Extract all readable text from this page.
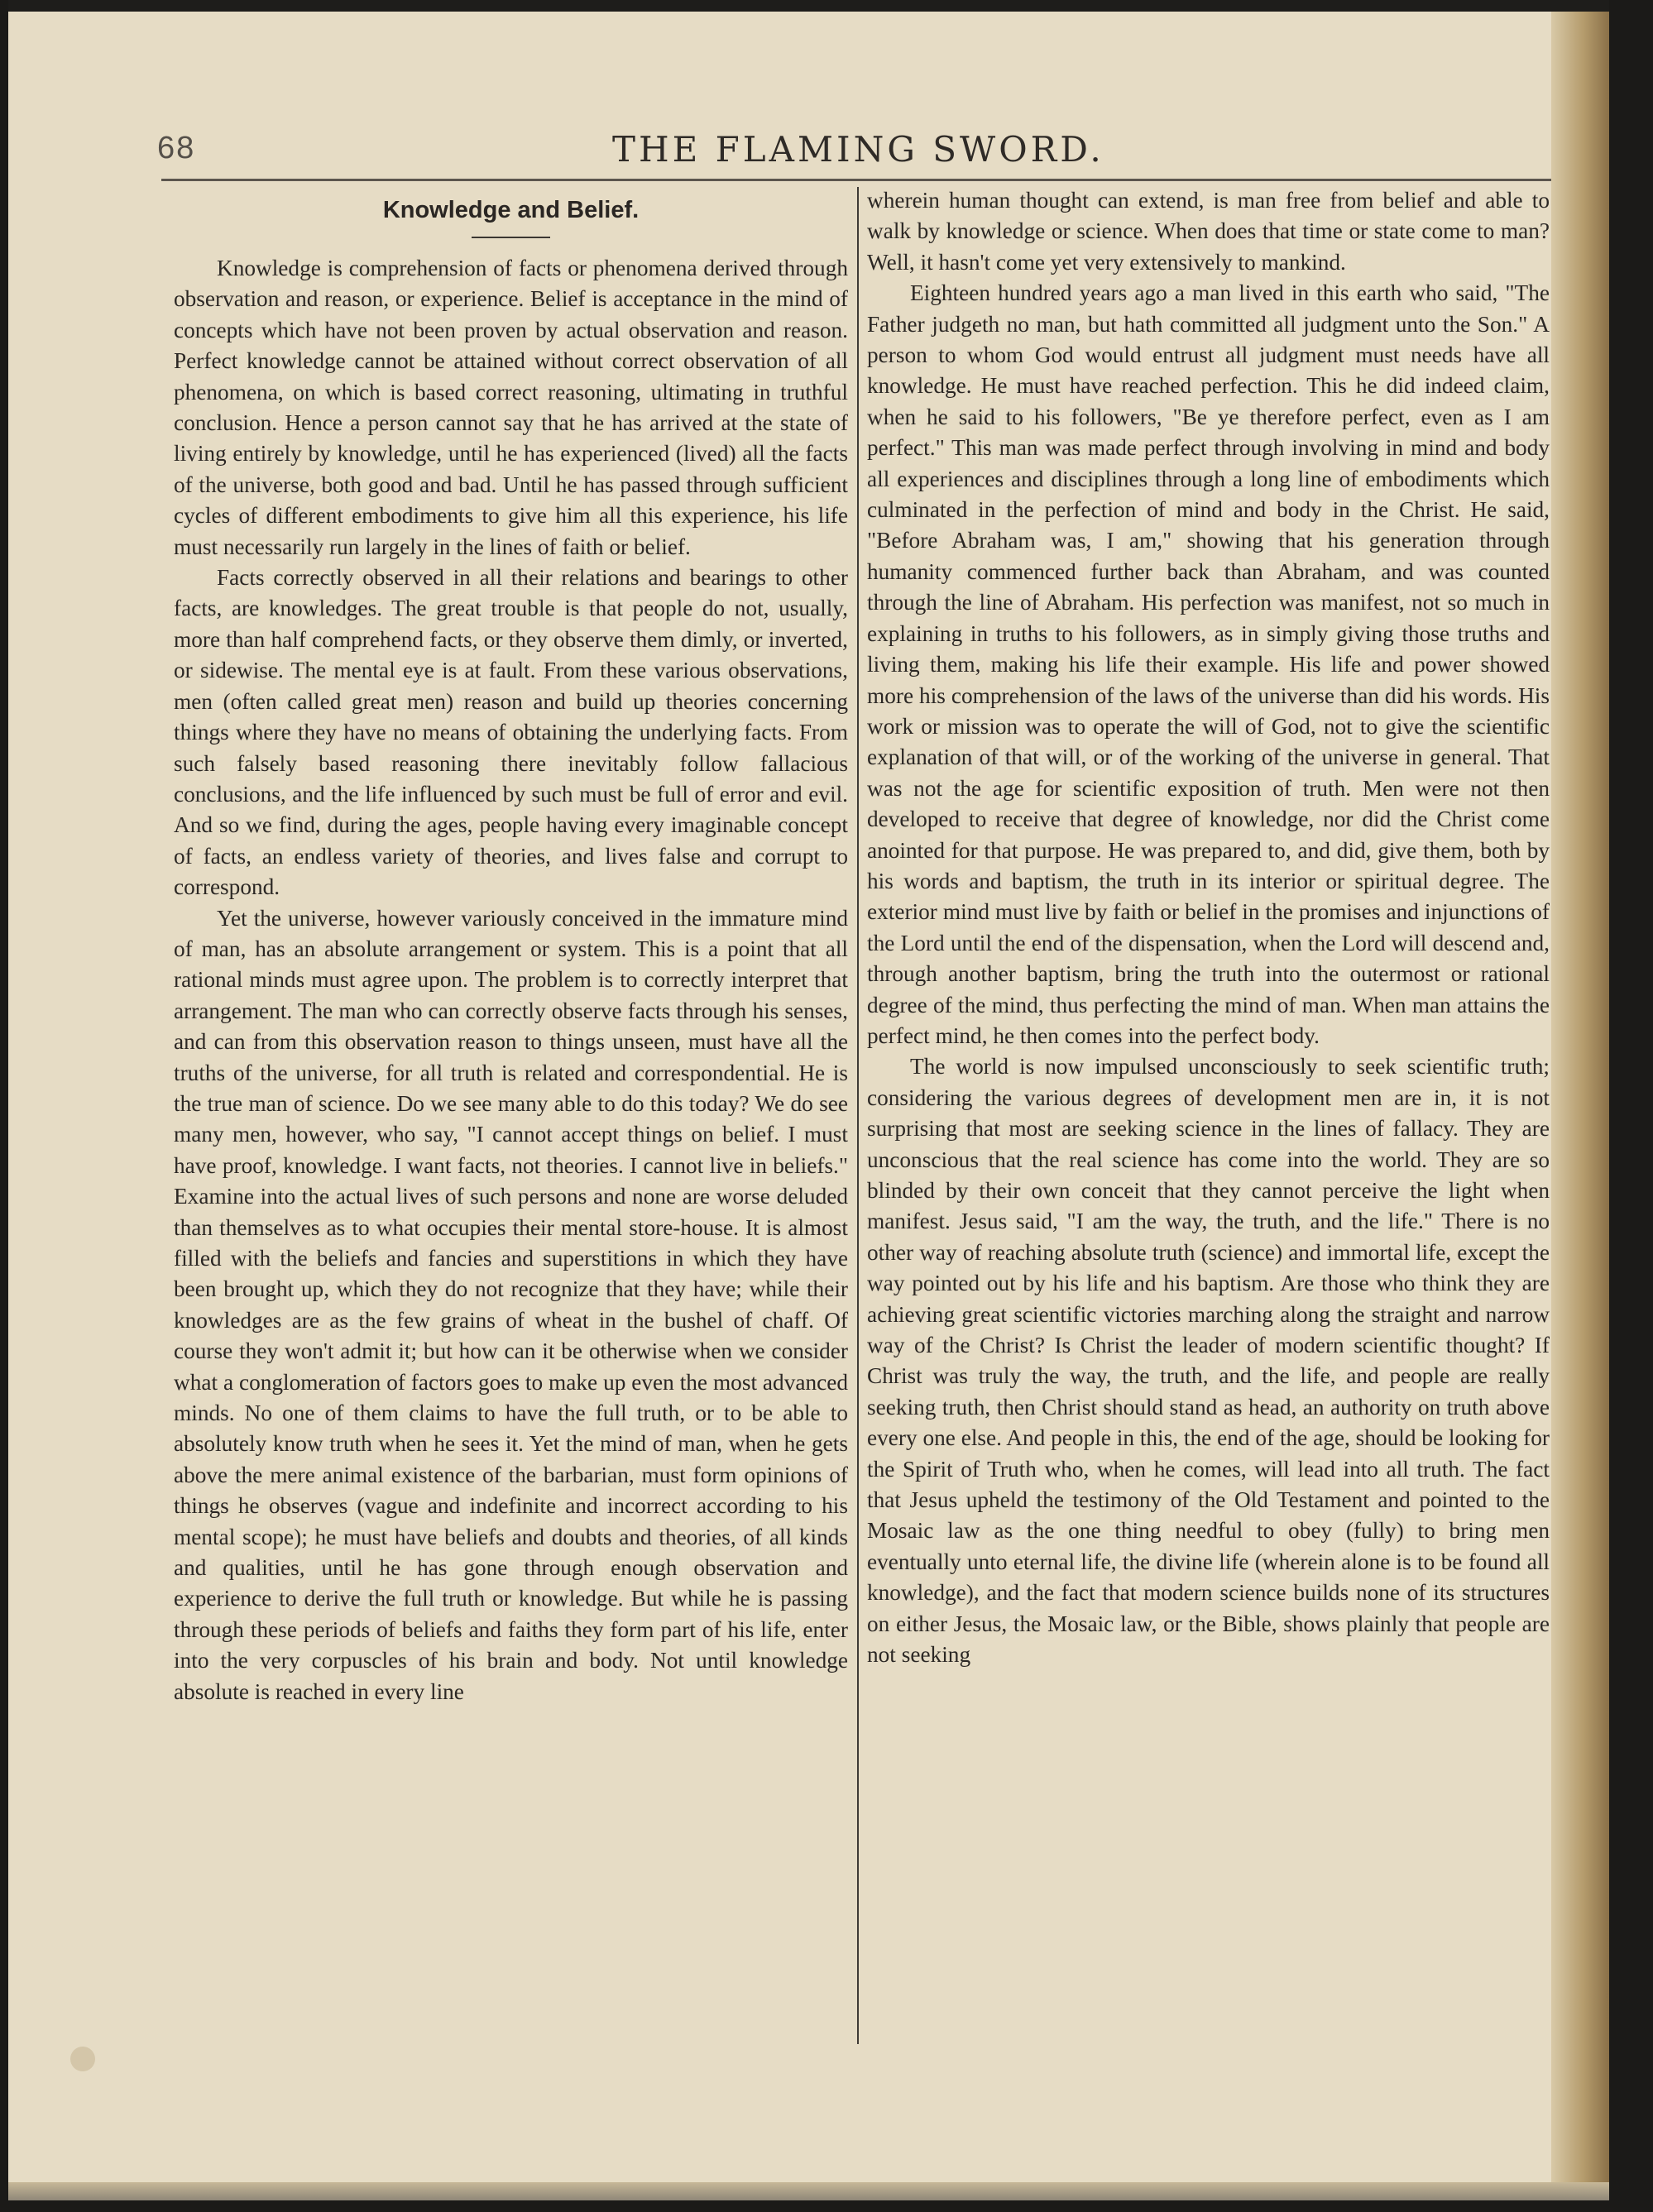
68	THE FLAMING SWORD.
Knowledge and Belief.

Knowledge is comprehension of facts or phenomena derived through observation and reason, or experience. Belief is acceptance in the mind of concepts which have not been proven by actual observation and reason. Perfect knowledge cannot be attained without correct observation of all phenomena, on which is based correct reasoning, ultimating in truthful conclusion. Hence a person cannot say that he has arrived at the state of living entirely by knowledge, until he has experienced (lived) all the facts of the universe, both good and bad. Until he has passed through sufficient cycles of different embodiments to give him all this experience, his life must necessarily run largely in the lines of faith or belief.

Facts correctly observed in all their relations and bearings to other facts, are knowledges. The great trouble is that people do not, usually, more than half comprehend facts, or they observe them dimly, or inverted, or sidewise. The mental eye is at fault. From these various observations, men (often called great men) reason and build up theories concerning things where they have no means of obtaining the underlying facts. From such falsely based reasoning there inevitably follow fallacious conclusions, and the life influenced by such must be full of error and evil. And so we find, during the ages, people having every imaginable concept of facts, an endless variety of theories, and lives false and corrupt to correspond.

Yet the universe, however variously conceived in the immature mind of man, has an absolute arrangement or system. This is a point that all rational minds must agree upon. The problem is to correctly interpret that arrangement. The man who can correctly observe facts through his senses, and can from this observation reason to things unseen, must have all the truths of the universe, for all truth is related and correspondential. He is the true man of science. Do we see many able to do this today? We do see many men, however, who say, "I cannot accept things on belief. I must have proof, knowledge. I want facts, not theories. I cannot live in beliefs." Examine into the actual lives of such persons and none are worse deluded than themselves as to what occupies their mental store-house. It is almost filled with the beliefs and fancies and superstitions in which they have been brought up, which they do not recognize that they have; while their knowledges are as the few grains of wheat in the bushel of chaff. Of course they won't admit it; but how can it be otherwise when we consider what a conglomeration of factors goes to make up even the most advanced minds. No one of them claims to have the full truth, or to be able to absolutely know truth when he sees it. Yet the mind of man, when he gets above the mere animal existence of the barbarian, must form opinions of things he observes (vague and indefinite and incorrect according to his mental scope); he must have beliefs and doubts and theories, of all kinds and qualities, until he has gone through enough observation and experience to derive the full truth or knowledge. But while he is passing through these periods of beliefs and faiths they form part of his life, enter into the very corpuscles of his brain and body. Not until knowledge absolute is reached in every line

wherein human thought can extend, is man free from belief and able to walk by knowledge or science. When does that time or state come to man? Well, it hasn't come yet very extensively to mankind.

Eighteen hundred years ago a man lived in this earth who said, "The Father judgeth no man, but hath committed all judgment unto the Son." A person to whom God would entrust all judgment must needs have all knowledge. He must have reached perfection. This he did indeed claim, when he said to his followers, "Be ye therefore perfect, even as I am perfect." This man was made perfect through involving in mind and body all experiences and disciplines through a long line of embodiments which culminated in the perfection of mind and body in the Christ. He said, "Before Abraham was, I am," showing that his generation through humanity commenced further back than Abraham, and was counted through the line of Abraham. His perfection was manifest, not so much in explaining in truths to his followers, as in simply giving those truths and living them, making his life their example. His life and power showed more his comprehension of the laws of the universe than did his words. His work or mission was to operate the will of God, not to give the scientific explanation of that will, or of the working of the universe in general. That was not the age for scientific exposition of truth. Men were not then developed to receive that degree of knowledge, nor did the Christ come anointed for that purpose. He was prepared to, and did, give them, both by his words and baptism, the truth in its interior or spiritual degree. The exterior mind must live by faith or belief in the promises and injunctions of the Lord until the end of the dispensation, when the Lord will descend and, through another baptism, bring the truth into the outermost or rational degree of the mind, thus perfecting the mind of man. When man attains the perfect mind, he then comes into the perfect body.

The world is now impulsed unconsciously to seek scientific truth; considering the various degrees of development men are in, it is not surprising that most are seeking science in the lines of fallacy. They are unconscious that the real science has come into the world. They are so blinded by their own conceit that they cannot perceive the light when manifest. Jesus said, "I am the way, the truth, and the life." There is no other way of reaching absolute truth (science) and immortal life, except the way pointed out by his life and his baptism. Are those who think they are achieving great scientific victories marching along the straight and narrow way of the Christ? Is Christ the leader of modern scientific thought? If Christ was truly the way, the truth, and the life, and people are really seeking truth, then Christ should stand as head, an authority on truth above every one else. And people in this, the end of the age, should be looking for the Spirit of Truth who, when he comes, will lead into all truth. The fact that Jesus upheld the testimony of the Old Testament and pointed to the Mosaic law as the one thing needful to obey (fully) to bring men eventually unto eternal life, the divine life (wherein alone is to be found all knowledge), and the fact that modern science builds none of its structures on either Jesus, the Mosaic law, or the Bible, shows plainly that people are not seeking
